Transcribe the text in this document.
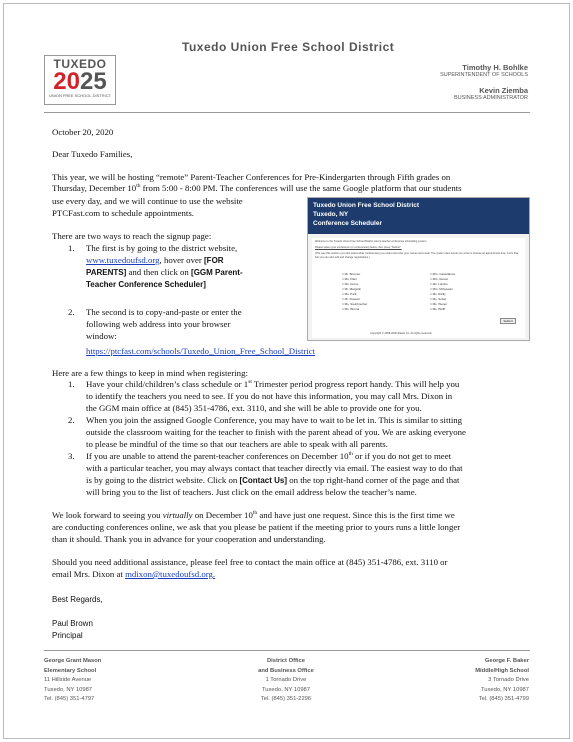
TUXEDO
2025
UNION FREE SCHOOL DISTRICT
Tuxedo Union Free School District
Timothy H. Bohlke
SUPERINTENDENT OF SCHOOLS
Kevin Ziemba
BUSINESS ADMINISTRATOR
October 20, 2020
Dear Tuxedo Families,
This year, we will be hosting “remote” Parent-Teacher Conferences for Pre-Kindergarten through Fifth grades on
Thursday, December 10th from 5:00 - 8:00 PM. The conferences will use the same Google platform that our students
use every day, and we will continue to use the website
PTCFast.com to schedule appointments.
There are two ways to reach the signup page:
1. The first is by going to the district website,
www.tuxedoufsd.org, hover over [FOR
PARENTS] and then click on [GGM Parent-
Teacher Conference Scheduler]
2. The second is to copy-and-paste or enter the
following web address into your browser
window:
https://ptcfast.com/schools/Tuxedo_Union_Free_School_District
Tuxedo Union Free School District
Tuxedo, NY
Conference Scheduler
Welcome to the Tuxedo Union Free School District parent-teacher conference scheduling system.
Please select your conference (or conferences) below, then press "Submit".
(The way this works is you first select what conference(s) you want and enter your names and email. The system then sends you a link to choose an appointment time. From that link you can also edit and change registrations.)
□ Mr. Brunner
□ Ms. Flam
□ Ms. Gross
□ Mr. Margolin
□ Ms. Park
□ Mr. Russell
□ Ms. Steinbrecher
□ Ms. Wrona
□ Mrs. Castellanos
□ Mrs. Glover
□ Ms. Landro
□ Mrs. McGowan
□ Ms. Reilly
□ Ms. Sobel
□ Ms. Wener
□ Ms. Wolff
Submit
Copyright © 2008-2020 Elastic Co. All rights reserved.
Here are a few things to keep in mind when registering:
1. Have your child/children’s class schedule or 1st Trimester period progress report handy. This will help you
to identify the teachers you need to see. If you do not have this information, you may call Mrs. Dixon in
the GGM main office at (845) 351-4786, ext. 3110, and she will be able to provide one for you.
2. When you join the assigned Google Conference, you may have to wait to be let in. This is similar to sitting
outside the classroom waiting for the teacher to finish with the parent ahead of you. We are asking everyone
to please be mindful of the time so that our teachers are able to speak with all parents.
3. If you are unable to attend the parent-teacher conferences on December 10th or if you do not get to meet
with a particular teacher, you may always contact that teacher directly via email. The easiest way to do that
is by going to the district website. Click on [Contact Us] on the top right-hand corner of the page and that
will bring you to the list of teachers. Just click on the email address below the teacher’s name.
We look forward to seeing you virtually on December 10th and have just one request. Since this is the first time we
are conducting conferences online, we ask that you please be patient if the meeting prior to yours runs a little longer
than it should. Thank you in advance for your cooperation and understanding.
Should you need additional assistance, please feel free to contact the main office at (845) 351-4786, ext. 3110 or
email Mrs. Dixon at mdixon@tuxedoufsd.org.
Best Regards,
Paul Brown
Principal
George Grant Mason
Elementary School
11 Hillside Avenue
Tuxedo, NY 10987
Tel. (845) 351-4797
District Office
and Business Office
1 Tornado Drive
Tuxedo, NY 10987
Tel. (845) 351-2296
George F. Baker
Middle/High School
3 Tornado Drive
Tuxedo, NY 10987
Tel. (845) 351-4799
